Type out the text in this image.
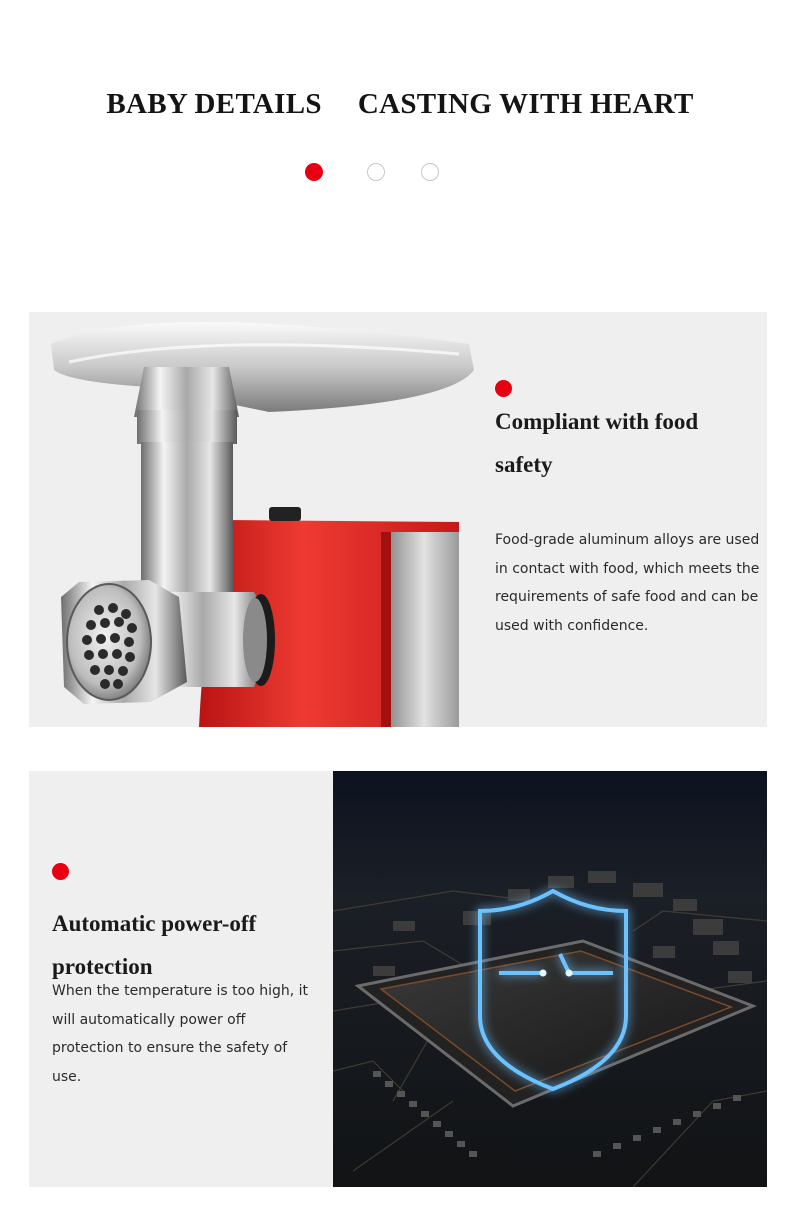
BABY DETAILS CASTING WITH HEART
Compliant with food
safety
Food-grade aluminum alloys are used
in contact with food, which meets the
requirements of safe food and can be
used with confidence.
Automatic power-off
protection
When the temperature is too high, it
will automatically power off
protection to ensure the safety of
use.
